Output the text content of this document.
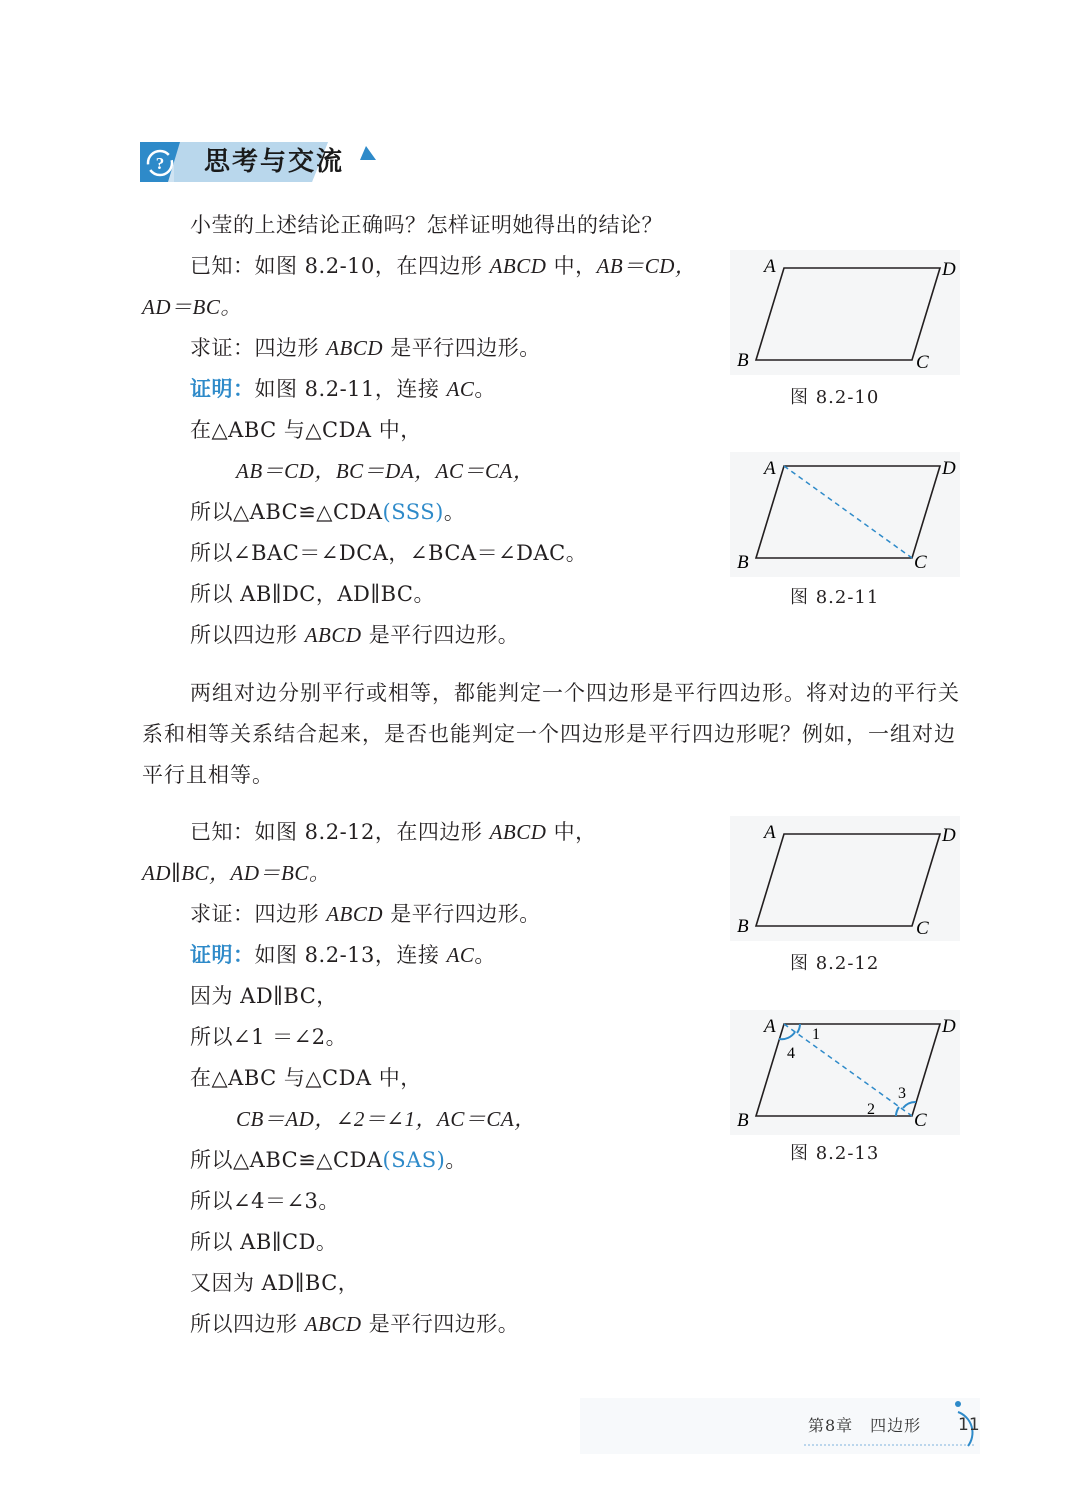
? 思考与交流
小莹的上述结论正确吗？怎样证明她得出的结论？
已知：如图 8.2-10，在四边形 ABCD 中，AB＝CD，
AD＝BC。
求证：四边形 ABCD 是平行四边形。
证明：如图 8.2-11，连接 AC。
在△ABC 与△CDA 中，
AB＝CD，BC＝DA，AC＝CA，
所以△ABC≌△CDA(SSS)。
所以∠BAC＝∠DCA，∠BCA＝∠DAC。
所以 AB∥DC，AD∥BC。
所以四边形 ABCD 是平行四边形。
两组对边分别平行或相等，都能判定一个四边形是平行四边形。将对边的平行关系和相等关系结合起来，是否也能判定一个四边形是平行四边形呢？例如，一组对边平行且相等。
已知：如图 8.2-12，在四边形 ABCD 中，
AD∥BC，AD＝BC。
求证：四边形 ABCD 是平行四边形。
证明：如图 8.2-13，连接 AC。
因为 AD∥BC，
所以∠1 ＝∠2。
在△ABC 与△CDA 中，
CB＝AD，∠2＝∠1，AC＝CA，
所以△ABC≌△CDA(SAS)。
所以∠4＝∠3。
所以 AB∥CD。
又因为 AD∥BC，
所以四边形 ABCD 是平行四边形。
A	D
B	C
图 8.2-10
A	D
B	C
图 8.2-11
A	D
B	C
图 8.2-12
A	D
B	C
1
4
2
3
图 8.2-13
第8章　四边形 11
